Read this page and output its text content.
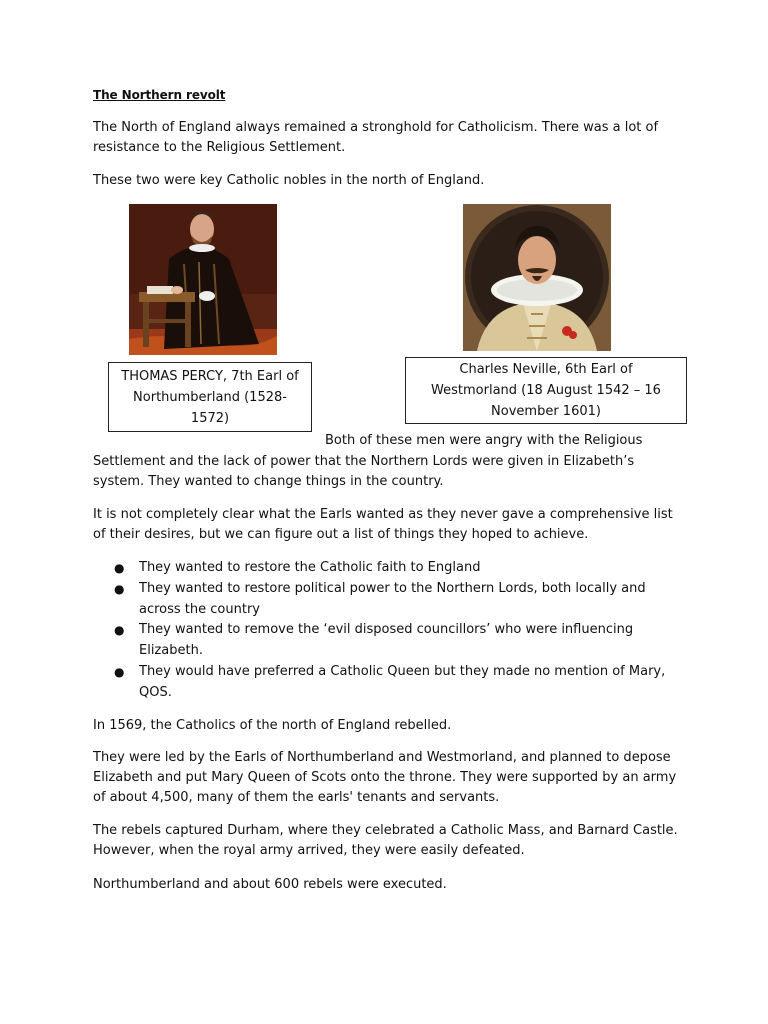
The Northern revolt

The North of England always remained a stronghold for Catholicism. There was a lot of resistance to the Religious Settlement.

These two were key Catholic nobles in the north of England.

THOMAS PERCY, 7th Earl of Northumberland (1528-1572)
Charles Neville, 6th Earl of Westmorland (18 August 1542 – 16 November 1601)

Both of these men were angry with the Religious Settlement and the lack of power that the Northern Lords were given in Elizabeth’s system. They wanted to change things in the country.

It is not completely clear what the Earls wanted as they never gave a comprehensive list of their desires, but we can figure out a list of things they hoped to achieve.

● They wanted to restore the Catholic faith to England
● They wanted to restore political power to the Northern Lords, both locally and across the country
● They wanted to remove the ‘evil disposed councillors’ who were influencing Elizabeth.
● They would have preferred a Catholic Queen but they made no mention of Mary, QOS.

In 1569, the Catholics of the north of England rebelled.

They were led by the Earls of Northumberland and Westmorland, and planned to depose Elizabeth and put Mary Queen of Scots onto the throne. They were supported by an army of about 4,500, many of them the earls' tenants and servants.

The rebels captured Durham, where they celebrated a Catholic Mass, and Barnard Castle. However, when the royal army arrived, they were easily defeated.

Northumberland and about 600 rebels were executed.
